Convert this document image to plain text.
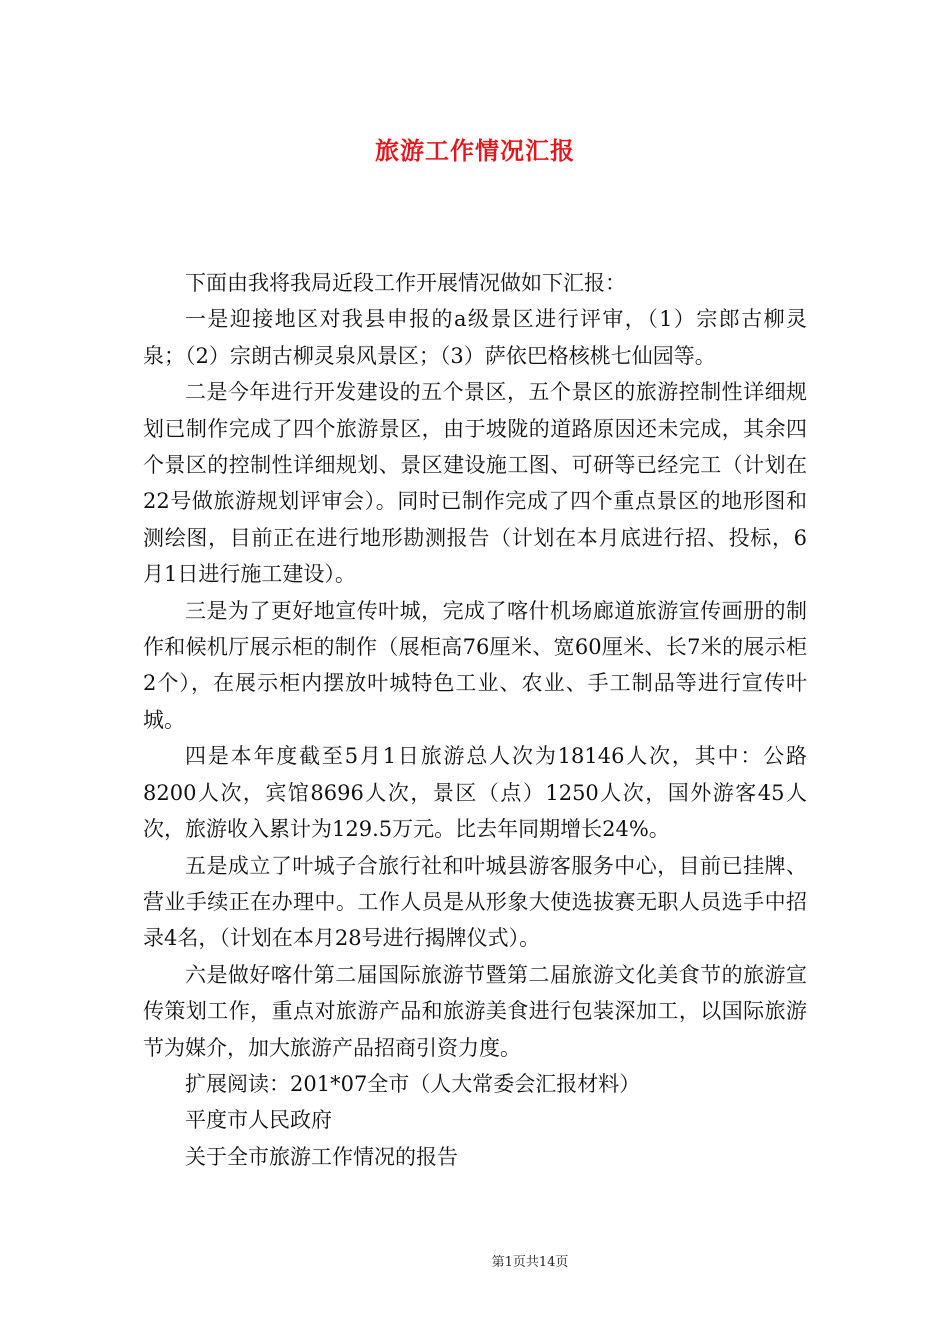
旅游工作情况汇报

下面由我将我局近段工作开展情况做如下汇报：

一是迎接地区对我县申报的a级景区进行评审，（1）宗郎古柳灵泉；（2）宗朗古柳灵泉风景区；（3）萨依巴格核桃七仙园等。

二是今年进行开发建设的五个景区，五个景区的旅游控制性详细规划已制作完成了四个旅游景区，由于坡陇的道路原因还未完成，其余四个景区的控制性详细规划、景区建设施工图、可研等已经完工（计划在22号做旅游规划评审会）。同时已制作完成了四个重点景区的地形图和测绘图，目前正在进行地形勘测报告（计划在本月底进行招、投标，6月1日进行施工建设）。

三是为了更好地宣传叶城，完成了喀什机场廊道旅游宣传画册的制作和候机厅展示柜的制作（展柜高76厘米、宽60厘米、长7米的展示柜2个），在展示柜内摆放叶城特色工业、农业、手工制品等进行宣传叶城。

四是本年度截至5月1日旅游总人次为18146人次，其中：公路8200人次，宾馆8696人次，景区（点）1250人次，国外游客45人次，旅游收入累计为129.5万元。比去年同期增长24%。

五是成立了叶城子合旅行社和叶城县游客服务中心，目前已挂牌、营业手续正在办理中。工作人员是从形象大使选拔赛无职人员选手中招录4名，（计划在本月28号进行揭牌仪式）。

六是做好喀什第二届国际旅游节暨第二届旅游文化美食节的旅游宣传策划工作，重点对旅游产品和旅游美食进行包装深加工，以国际旅游节为媒介，加大旅游产品招商引资力度。

扩展阅读：201*07全市（人大常委会汇报材料）

平度市人民政府

关于全市旅游工作情况的报告

第1页共14页
